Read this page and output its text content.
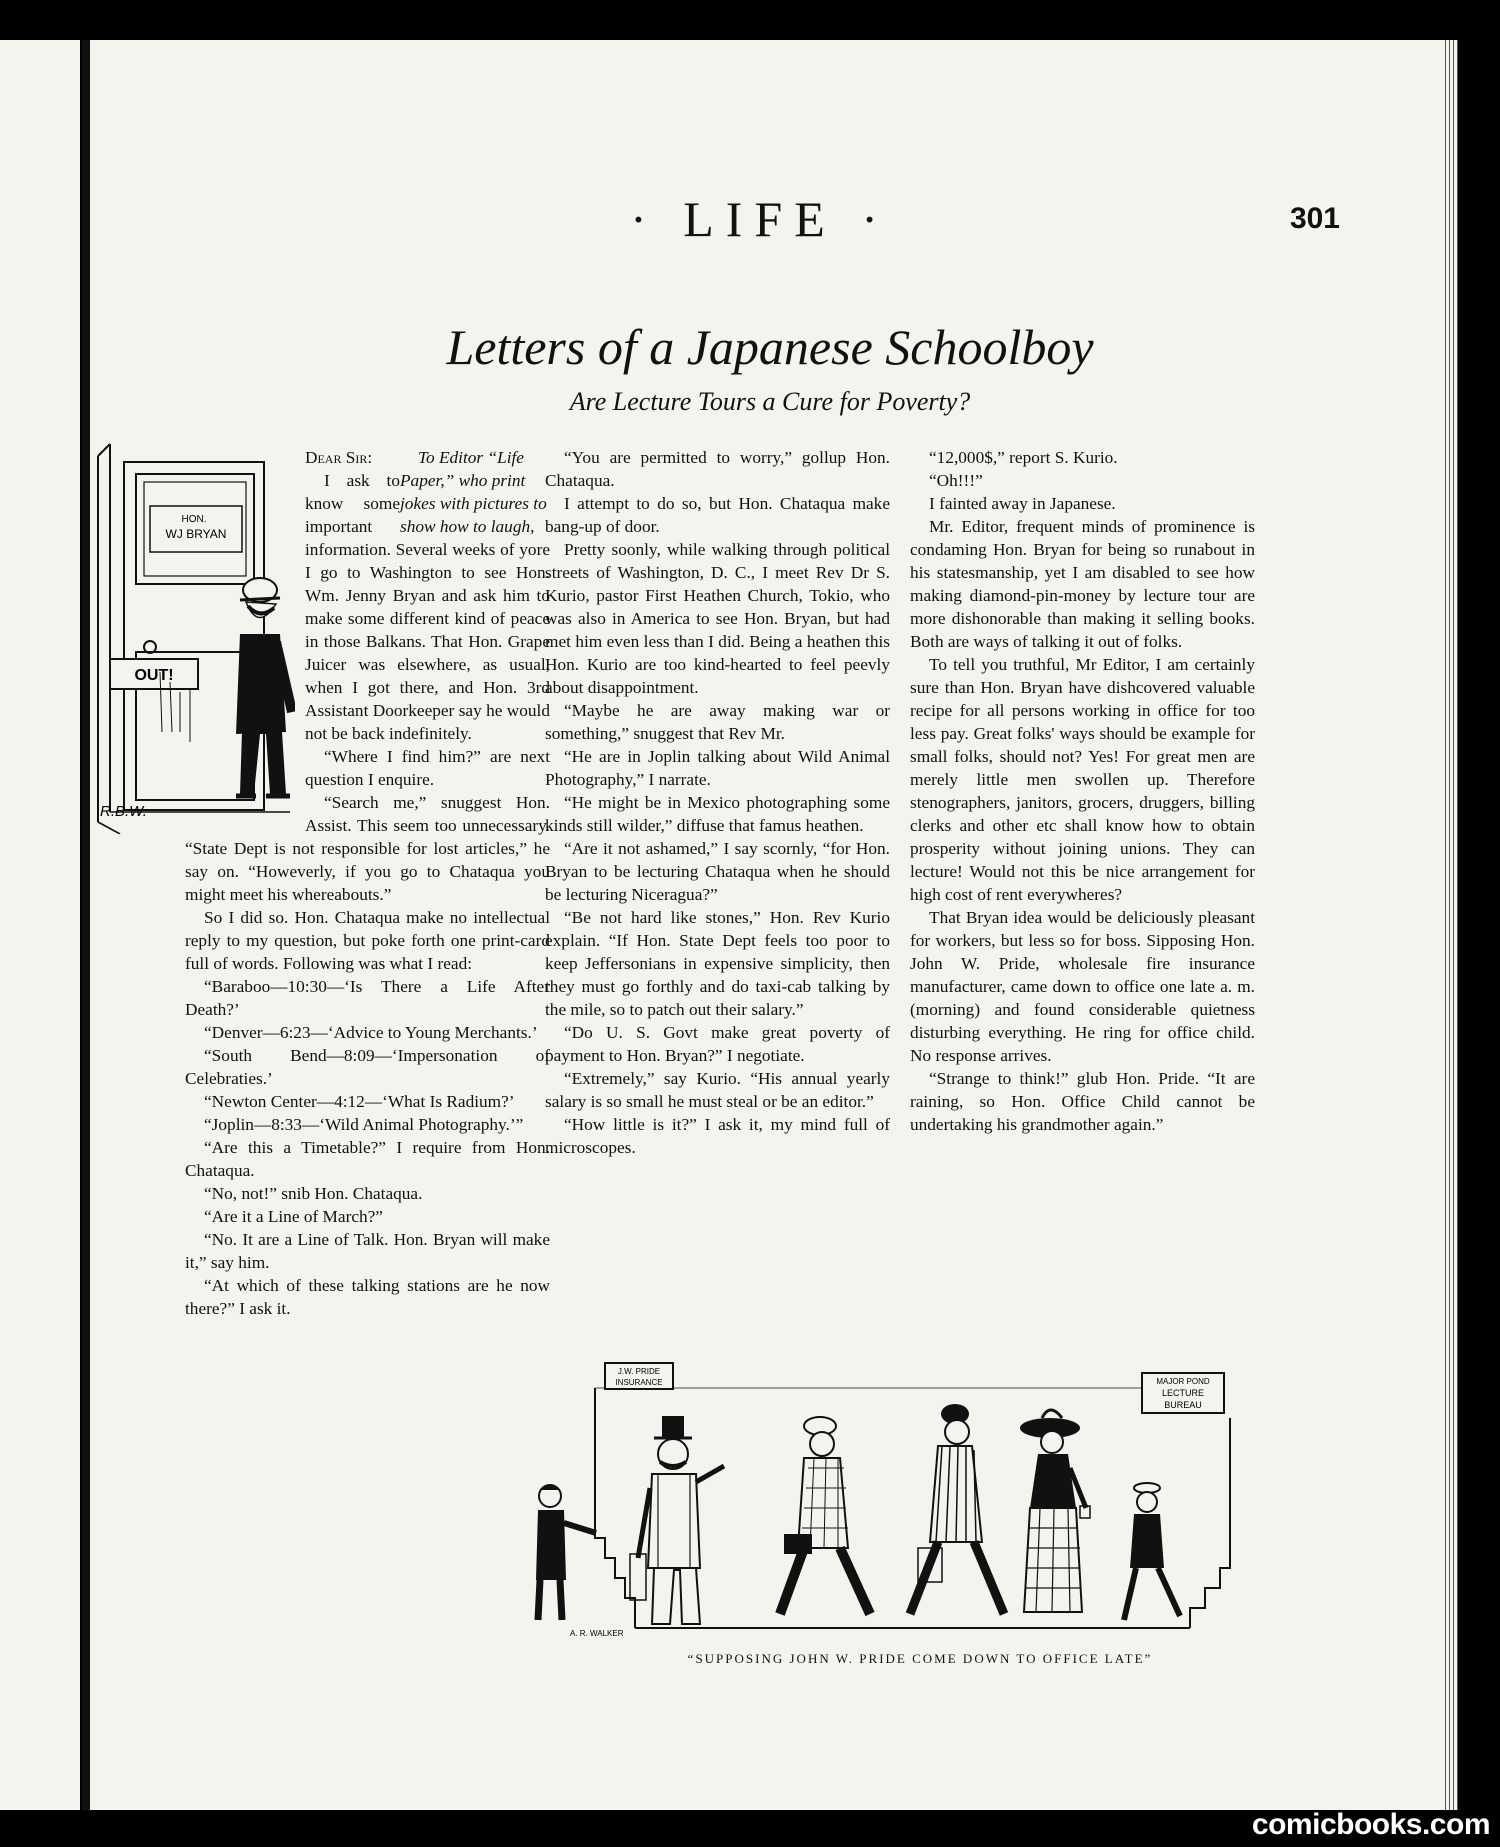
· LIFE ·	301
Letters of a Japanese Schoolboy
Are Lecture Tours a Cure for Poverty?
HON.
WJ BRYAN
OUT!
R.B.W.

To Editor “Life Paper,” who print jokes with pictures to show how to laugh,

Dear Sir:

I ask to know some important information. Several weeks of yore I go to Washington to see Hon. Wm. Jenny Bryan and ask him to make some different kind of peace in those Balkans. That Hon. Grape Juicer was elsewhere, as usual, when I got there, and Hon. 3rd Assistant Doorkeeper say he would not be back indefinitely.

“Where I find him?” are next question I enquire.

“Search me,” snuggest Hon. Assist. This seem too unnecessary. “State Dept is not responsible for lost articles,” he say on. “Howeverly, if you go to Chataqua you might meet his whereabouts.”

So I did so. Hon. Chataqua make no intellectual reply to my question, but poke forth one print-card full of words. Following was what I read:

“Baraboo—10:30—‘Is There a Life After Death?’

“Denver—6:23—‘Advice to Young Merchants.’

“South Bend—8:09—‘Impersonation of Celebraties.’

“Newton Center—4:12—‘What Is Radium?’

“Joplin—8:33—‘Wild Animal Photography.’”

“Are this a Timetable?” I require from Hon. Chataqua.

“No, not!” snib Hon. Chataqua.

“Are it a Line of March?”

“No. It are a Line of Talk. Hon. Bryan will make it,” say him.

“At which of these talking stations are he now there?” I ask it.

“You are permitted to worry,” gollup Hon. Chataqua.

I attempt to do so, but Hon. Chataqua make bang-up of door.

Pretty soonly, while walking through political streets of Washington, D. C., I meet Rev Dr S. Kurio, pastor First Heathen Church, Tokio, who was also in America to see Hon. Bryan, but had met him even less than I did. Being a heathen this Hon. Kurio are too kind-hearted to feel peevly about disappointment.

“Maybe he are away making war or something,” snuggest that Rev Mr.

“He are in Joplin talking about Wild Animal Photography,” I narrate.

“He might be in Mexico photographing some kinds still wilder,” diffuse that famus heathen.

“Are it not ashamed,” I say scornly, “for Hon. Bryan to be lecturing Chataqua when he should be lecturing Niceragua?”

“Be not hard like stones,” Hon. Rev Kurio explain. “If Hon. State Dept feels too poor to keep Jeffersonians in expensive simplicity, then they must go forthly and do taxi-cab talking by the mile, so to patch out their salary.”

“Do U. S. Govt make great poverty of payment to Hon. Bryan?” I negotiate.

“Extremely,” say Kurio. “His annual yearly salary is so small he must steal or be an editor.”

“How little is it?” I ask it, my mind full of microscopes.

“12,000$,” report S. Kurio.

“Oh!!!”

I fainted away in Japanese.

Mr. Editor, frequent minds of prominence is condaming Hon. Bryan for being so runabout in his statesmanship, yet I am disabled to see how making diamond-pin-money by lecture tour are more dishonorable than making it selling books. Both are ways of talking it out of folks.

To tell you truthful, Mr Editor, I am certainly sure than Hon. Bryan have dishcovered valuable recipe for all persons working in office for too less pay. Great folks' ways should be example for small folks, should not? Yes! For great men are merely little men swollen up. Therefore stenographers, janitors, grocers, druggers, billing clerks and other etc shall know how to obtain prosperity without joining unions. They can lecture! Would not this be nice arrangement for high cost of rent everywheres?

That Bryan idea would be deliciously pleasant for workers, but less so for boss. Sipposing Hon. John W. Pride, wholesale fire insurance manufacturer, came down to office one late a. m. (morning) and found considerable quietness disturbing everything. He ring for office child. No response arrives.

“Strange to think!” glub Hon. Pride. “It are raining, so Hon. Office Child cannot be undertaking his grandmother again.”

J.W. PRIDE
INSURANCE	MAJOR POND
LECTURE
BUREAU
A. R. WALKER
“SUPPOSING JOHN W. PRIDE COME DOWN TO OFFICE LATE”
comicbooks.com
